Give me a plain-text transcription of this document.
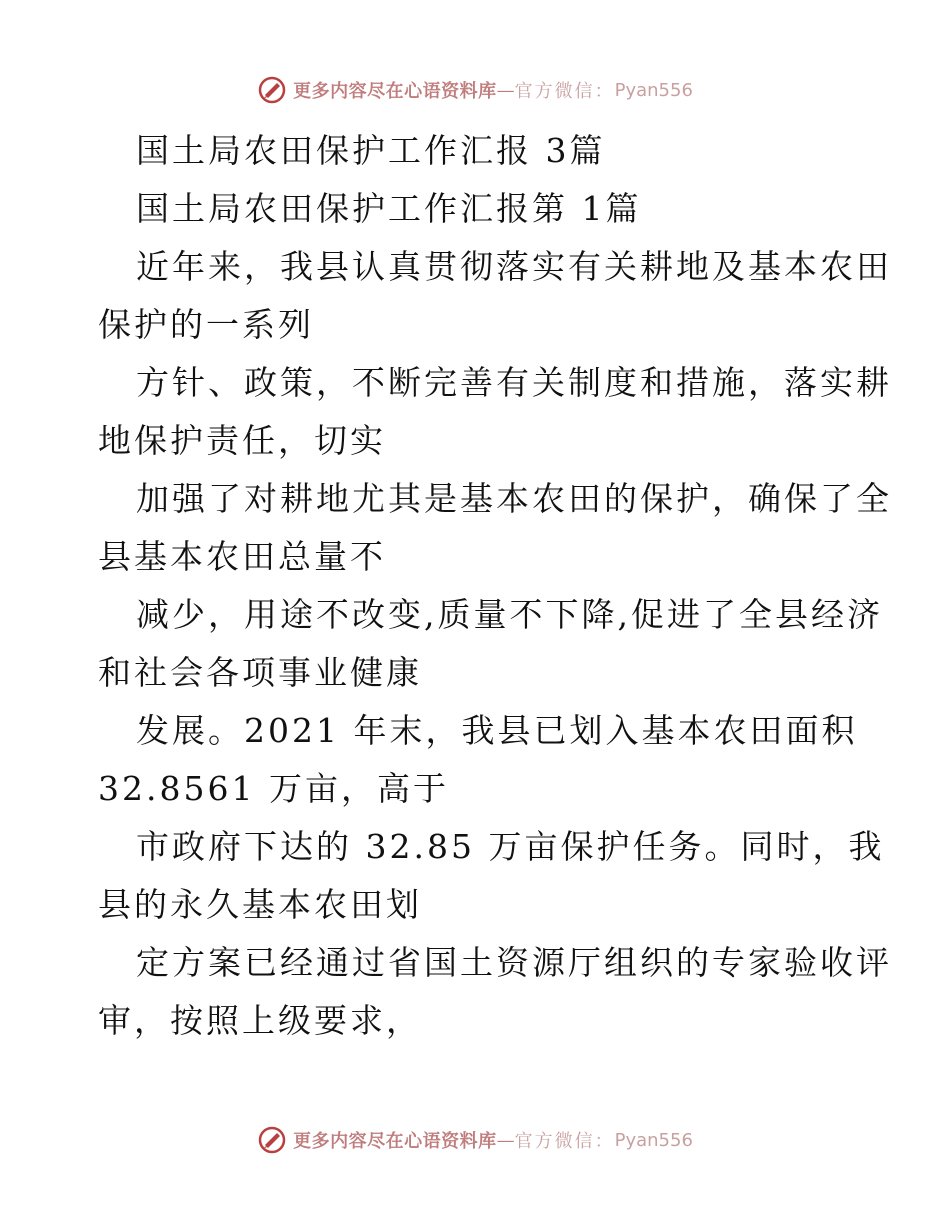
更多内容尽在心语资料库 — 官方微信： Pyan556
国土局农田保护工作汇报 3篇
国土局农田保护工作汇报第 1篇
近年来，我县认真贯彻落实有关耕地及基本农田
保护的一系列
方针、政策，不断完善有关制度和措施，落实耕
地保护责任，切实
加强了对耕地尤其是基本农田的保护，确保了全
县基本农田总量不
减少，用途不改变,质量不下降,促进了全县经济
和社会各项事业健康
发展。2021 年末，我县已划入基本农田面积
32.8561 万亩，高于
市政府下达的 32.85 万亩保护任务。同时，我
县的永久基本农田划
定方案已经通过省国土资源厅组织的专家验收评
审，按照上级要求，
更多内容尽在心语资料库 — 官方微信： Pyan556
